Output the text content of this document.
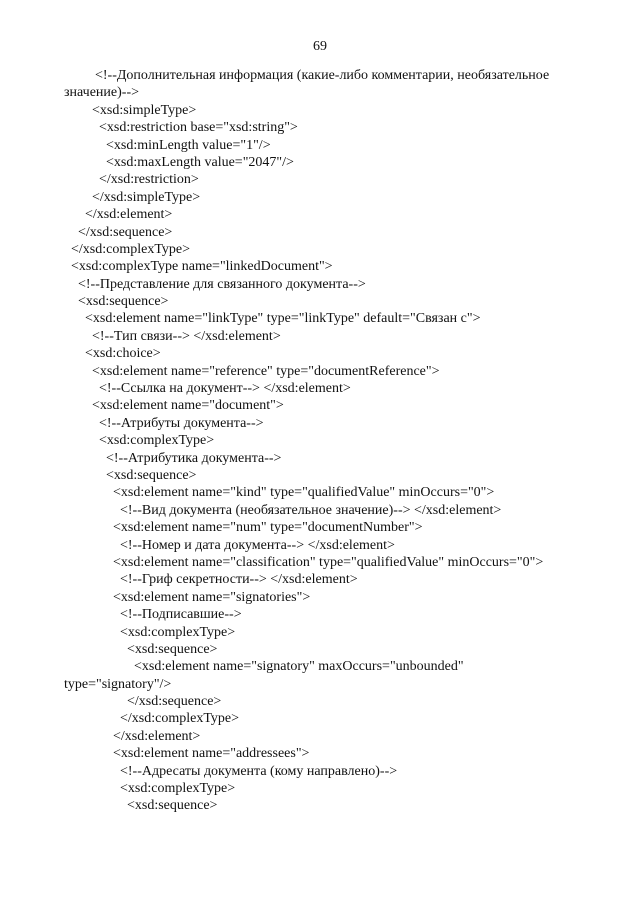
69
<!--Дополнительная информация (какие-либо комментарии, необязательное
значение)-->
<xsd:simpleType>
<xsd:restriction base="xsd:string">
<xsd:minLength value="1"/>
<xsd:maxLength value="2047"/>
</xsd:restriction>
</xsd:simpleType>
</xsd:element>
</xsd:sequence>
</xsd:complexType>
<xsd:complexType name="linkedDocument">
<!--Представление для связанного документа-->
<xsd:sequence>
<xsd:element name="linkType" type="linkType" default="Связан с">
<!--Тип связи--> </xsd:element>
<xsd:choice>
<xsd:element name="reference" type="documentReference">
<!--Ссылка на документ--> </xsd:element>
<xsd:element name="document">
<!--Атрибуты документа-->
<xsd:complexType>
<!--Атрибутика документа-->
<xsd:sequence>
<xsd:element name="kind" type="qualifiedValue" minOccurs="0">
<!--Вид документа (необязательное значение)--> </xsd:element>
<xsd:element name="num" type="documentNumber">
<!--Номер и дата документа--> </xsd:element>
<xsd:element name="classification" type="qualifiedValue" minOccurs="0">
<!--Гриф секретности--> </xsd:element>
<xsd:element name="signatories">
<!--Подписавшие-->
<xsd:complexType>
<xsd:sequence>
<xsd:element name="signatory" maxOccurs="unbounded"
type="signatory"/>
</xsd:sequence>
</xsd:complexType>
</xsd:element>
<xsd:element name="addressees">
<!--Адресаты документа (кому направлено)-->
<xsd:complexType>
<xsd:sequence>
